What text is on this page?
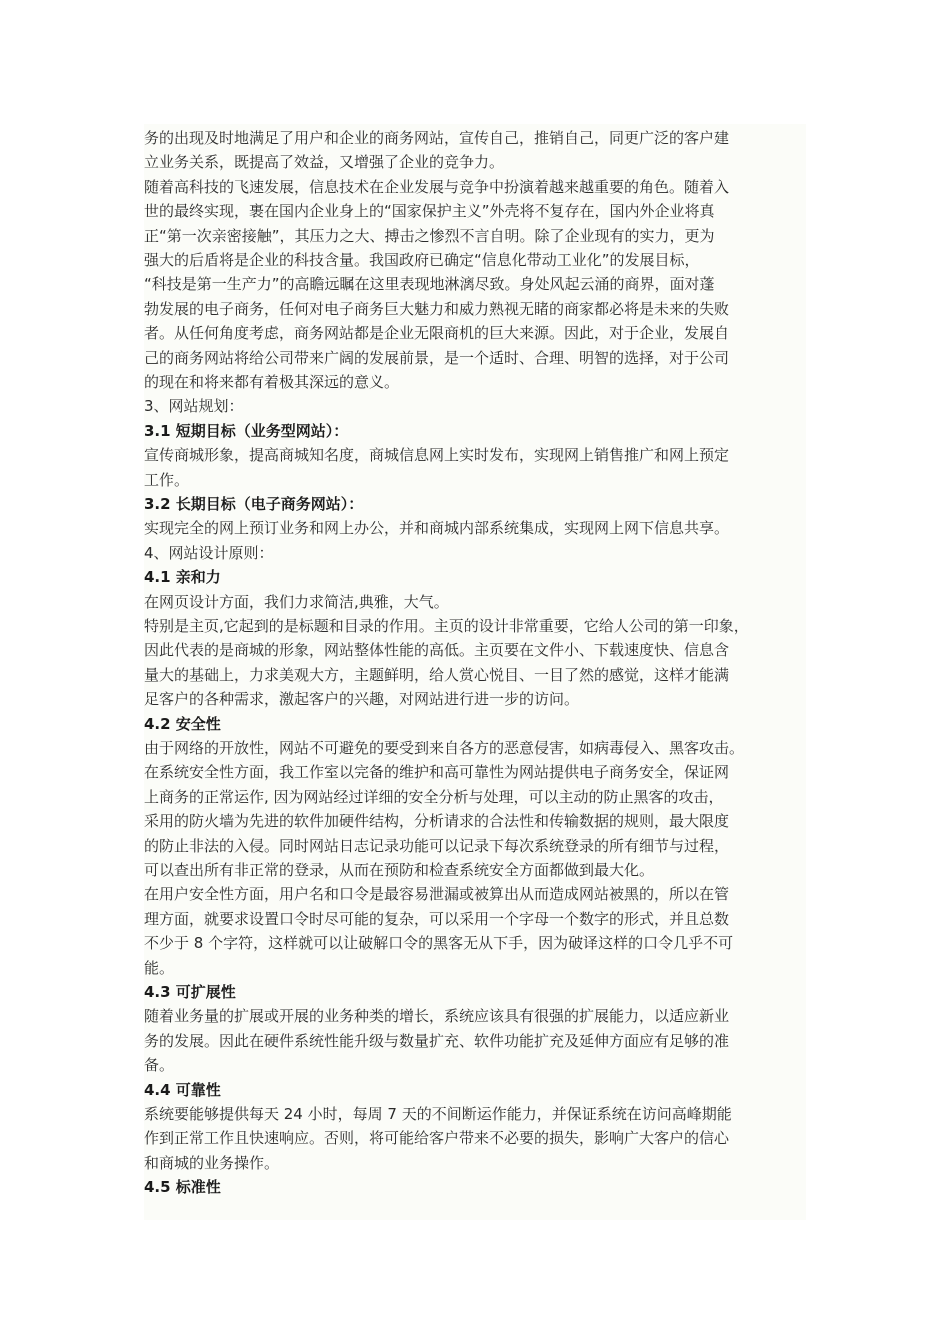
务的出现及时地满足了用户和企业的商务网站，宣传自己，推销自己，同更广泛的客户建
立业务关系，既提高了效益，又增强了企业的竞争力。
随着高科技的飞速发展，信息技术在企业发展与竞争中扮演着越来越重要的角色。随着入
世的最终实现，裹在国内企业身上的“国家保护主义”外壳将不复存在，国内外企业将真
正“第一次亲密接触”，其压力之大、搏击之惨烈不言自明。除了企业现有的实力，更为
强大的后盾将是企业的科技含量。我国政府已确定“信息化带动工业化”的发展目标，
“科技是第一生产力”的高瞻远瞩在这里表现地淋漓尽致。身处风起云涌的商界，面对蓬
勃发展的电子商务，任何对电子商务巨大魅力和威力熟视无睹的商家都必将是未来的失败
者。从任何角度考虑，商务网站都是企业无限商机的巨大来源。因此，对于企业，发展自
己的商务网站将给公司带来广阔的发展前景，是一个适时、合理、明智的选择，对于公司
的现在和将来都有着极其深远的意义。
3、网站规划：
3.1 短期目标（业务型网站）：
宣传商城形象，提高商城知名度，商城信息网上实时发布，实现网上销售推广和网上预定
工作。
3.2 长期目标（电子商务网站）：
实现完全的网上预订业务和网上办公，并和商城内部系统集成，实现网上网下信息共享。
4、网站设计原则：
4.1 亲和力
在网页设计方面，我们力求简洁,典雅，大气。
特别是主页,它起到的是标题和目录的作用。主页的设计非常重要，它给人公司的第一印象，
因此代表的是商城的形象，网站整体性能的高低。主页要在文件小、下载速度快、信息含
量大的基础上，力求美观大方，主题鲜明，给人赏心悦目、一目了然的感觉，这样才能满
足客户的各种需求，激起客户的兴趣，对网站进行进一步的访问。
4.2 安全性
由于网络的开放性，网站不可避免的要受到来自各方的恶意侵害，如病毒侵入、黑客攻击。
在系统安全性方面，我工作室以完备的维护和高可靠性为网站提供电子商务安全，保证网
上商务的正常运作, 因为网站经过详细的安全分析与处理，可以主动的防止黑客的攻击，
采用的防火墙为先进的软件加硬件结构，分析请求的合法性和传输数据的规则，最大限度
的防止非法的入侵。同时网站日志记录功能可以记录下每次系统登录的所有细节与过程，
可以查出所有非正常的登录，从而在预防和检查系统安全方面都做到最大化。
在用户安全性方面，用户名和口令是最容易泄漏或被算出从而造成网站被黑的，所以在管
理方面，就要求设置口令时尽可能的复杂，可以采用一个字母一个数字的形式，并且总数
不少于 8 个字符，这样就可以让破解口令的黑客无从下手，因为破译这样的口令几乎不可
能。
4.3 可扩展性
随着业务量的扩展或开展的业务种类的增长，系统应该具有很强的扩展能力，以适应新业
务的发展。因此在硬件系统性能升级与数量扩充、软件功能扩充及延伸方面应有足够的准
备。
4.4 可靠性
系统要能够提供每天 24 小时，每周 7 天的不间断运作能力，并保证系统在访问高峰期能
作到正常工作且快速响应。否则，将可能给客户带来不必要的损失，影响广大客户的信心
和商城的业务操作。
4.5 标准性
